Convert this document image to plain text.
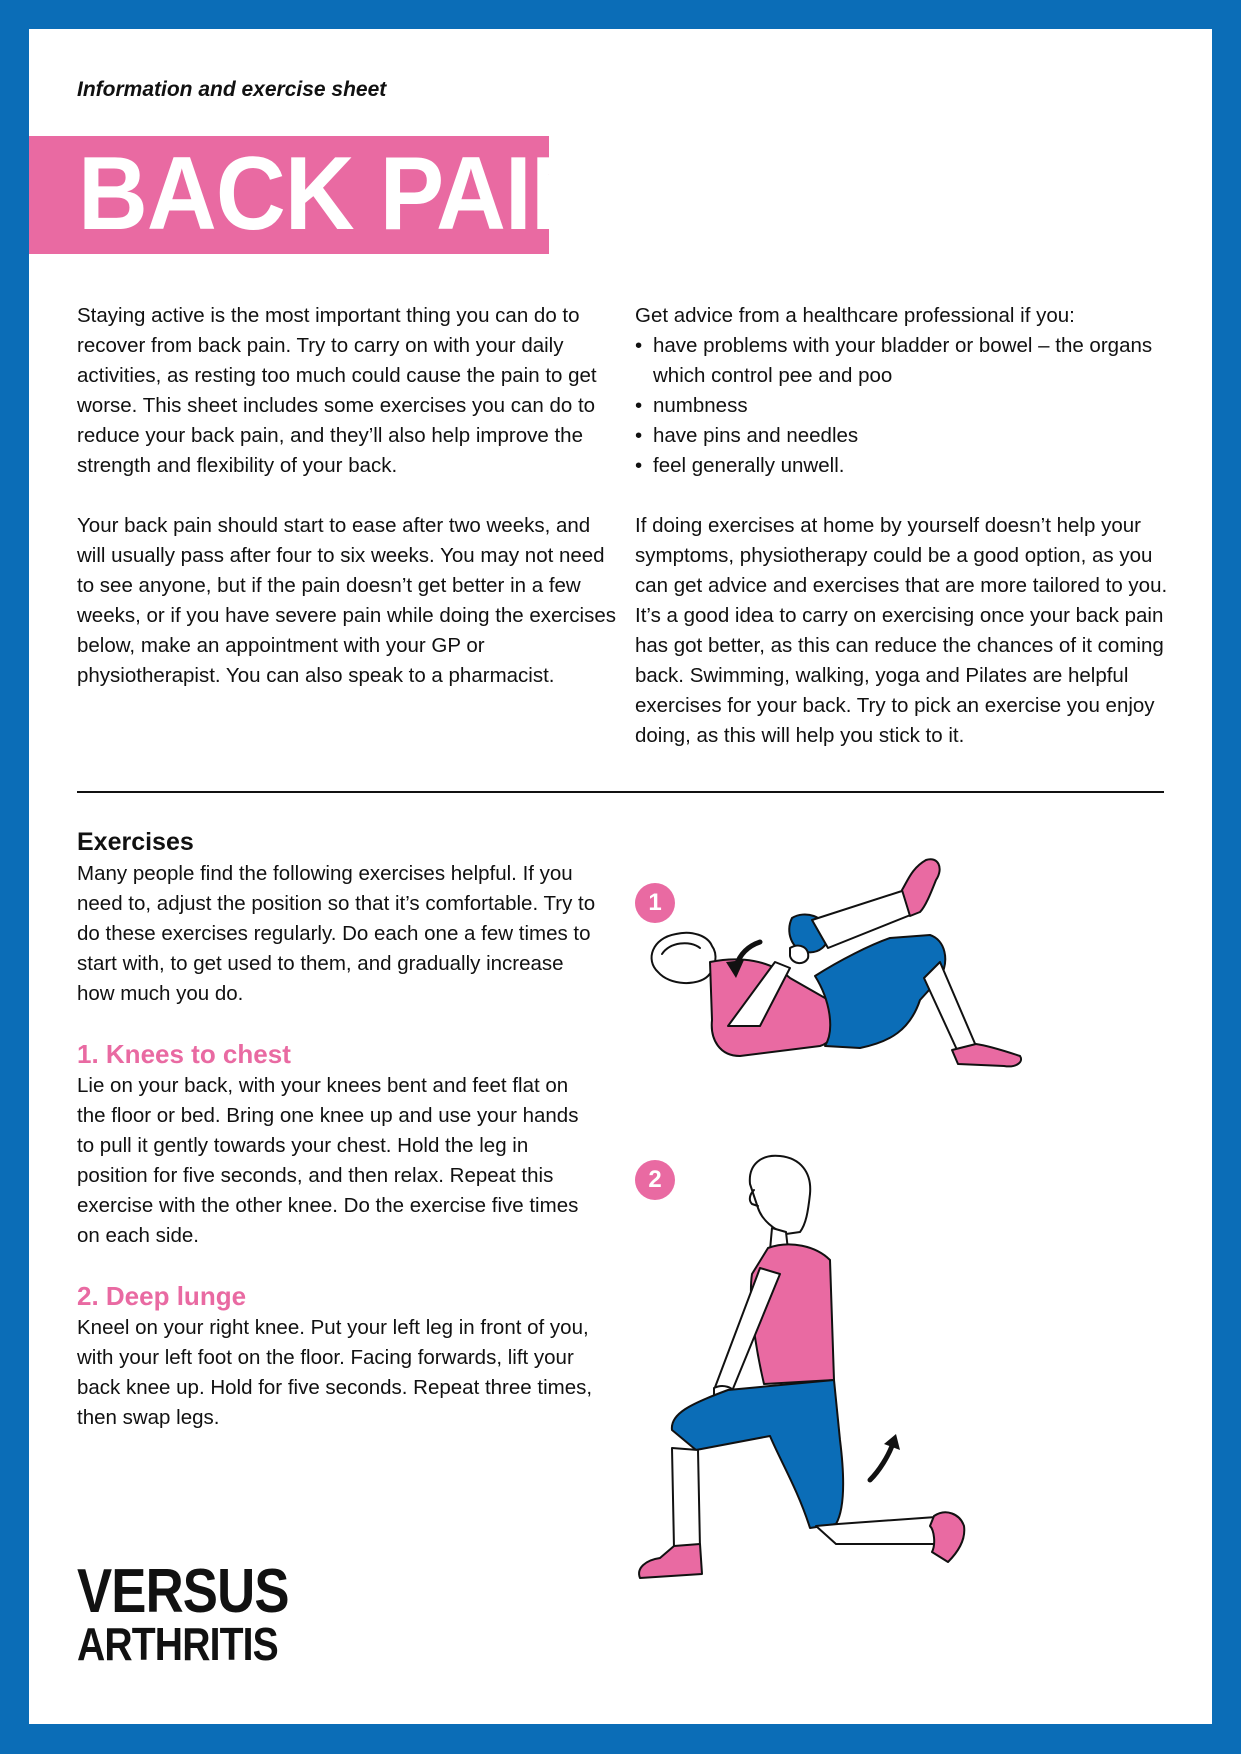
Information and exercise sheet
BACK PAIN

Staying active is the most important thing you can do to recover from back pain. Try to carry on with your daily activities, as resting too much could cause the pain to get worse. This sheet includes some exercises you can do to reduce your back pain, and they’ll also help improve the strength and flexibility of your back.

Your back pain should start to ease after two weeks, and will usually pass after four to six weeks. You may not need to see anyone, but if the pain doesn’t get better in a few weeks, or if you have severe pain while doing the exercises below, make an appointment with your GP or physiotherapist. You can also speak to a pharmacist.

Get advice from a healthcare professional if you:
• have problems with your bladder or bowel – the organs which control pee and poo
• numbness
• have pins and needles
• feel generally unwell.

If doing exercises at home by yourself doesn’t help your symptoms, physiotherapy could be a good option, as you can get advice and exercises that are more tailored to you. It’s a good idea to carry on exercising once your back pain has got better, as this can reduce the chances of it coming back. Swimming, walking, yoga and Pilates are helpful exercises for your back. Try to pick an exercise you enjoy doing, as this will help you stick to it.

Exercises

Many people find the following exercises helpful. If you need to, adjust the position so that it’s comfortable. Try to do these exercises regularly. Do each one a few times to start with, to get used to them, and gradually increase how much you do.

1. Knees to chest

Lie on your back, with your knees bent and feet flat on the floor or bed. Bring one knee up and use your hands to pull it gently towards your chest. Hold the leg in position for five seconds, and then relax. Repeat this exercise with the other knee. Do the exercise five times on each side.

2. Deep lunge

Kneel on your right knee. Put your left leg in front of you, with your left foot on the floor. Facing forwards, lift your back knee up. Hold for five seconds. Repeat three times, then swap legs.

1
2
VERSUS
ARTHRITIS
